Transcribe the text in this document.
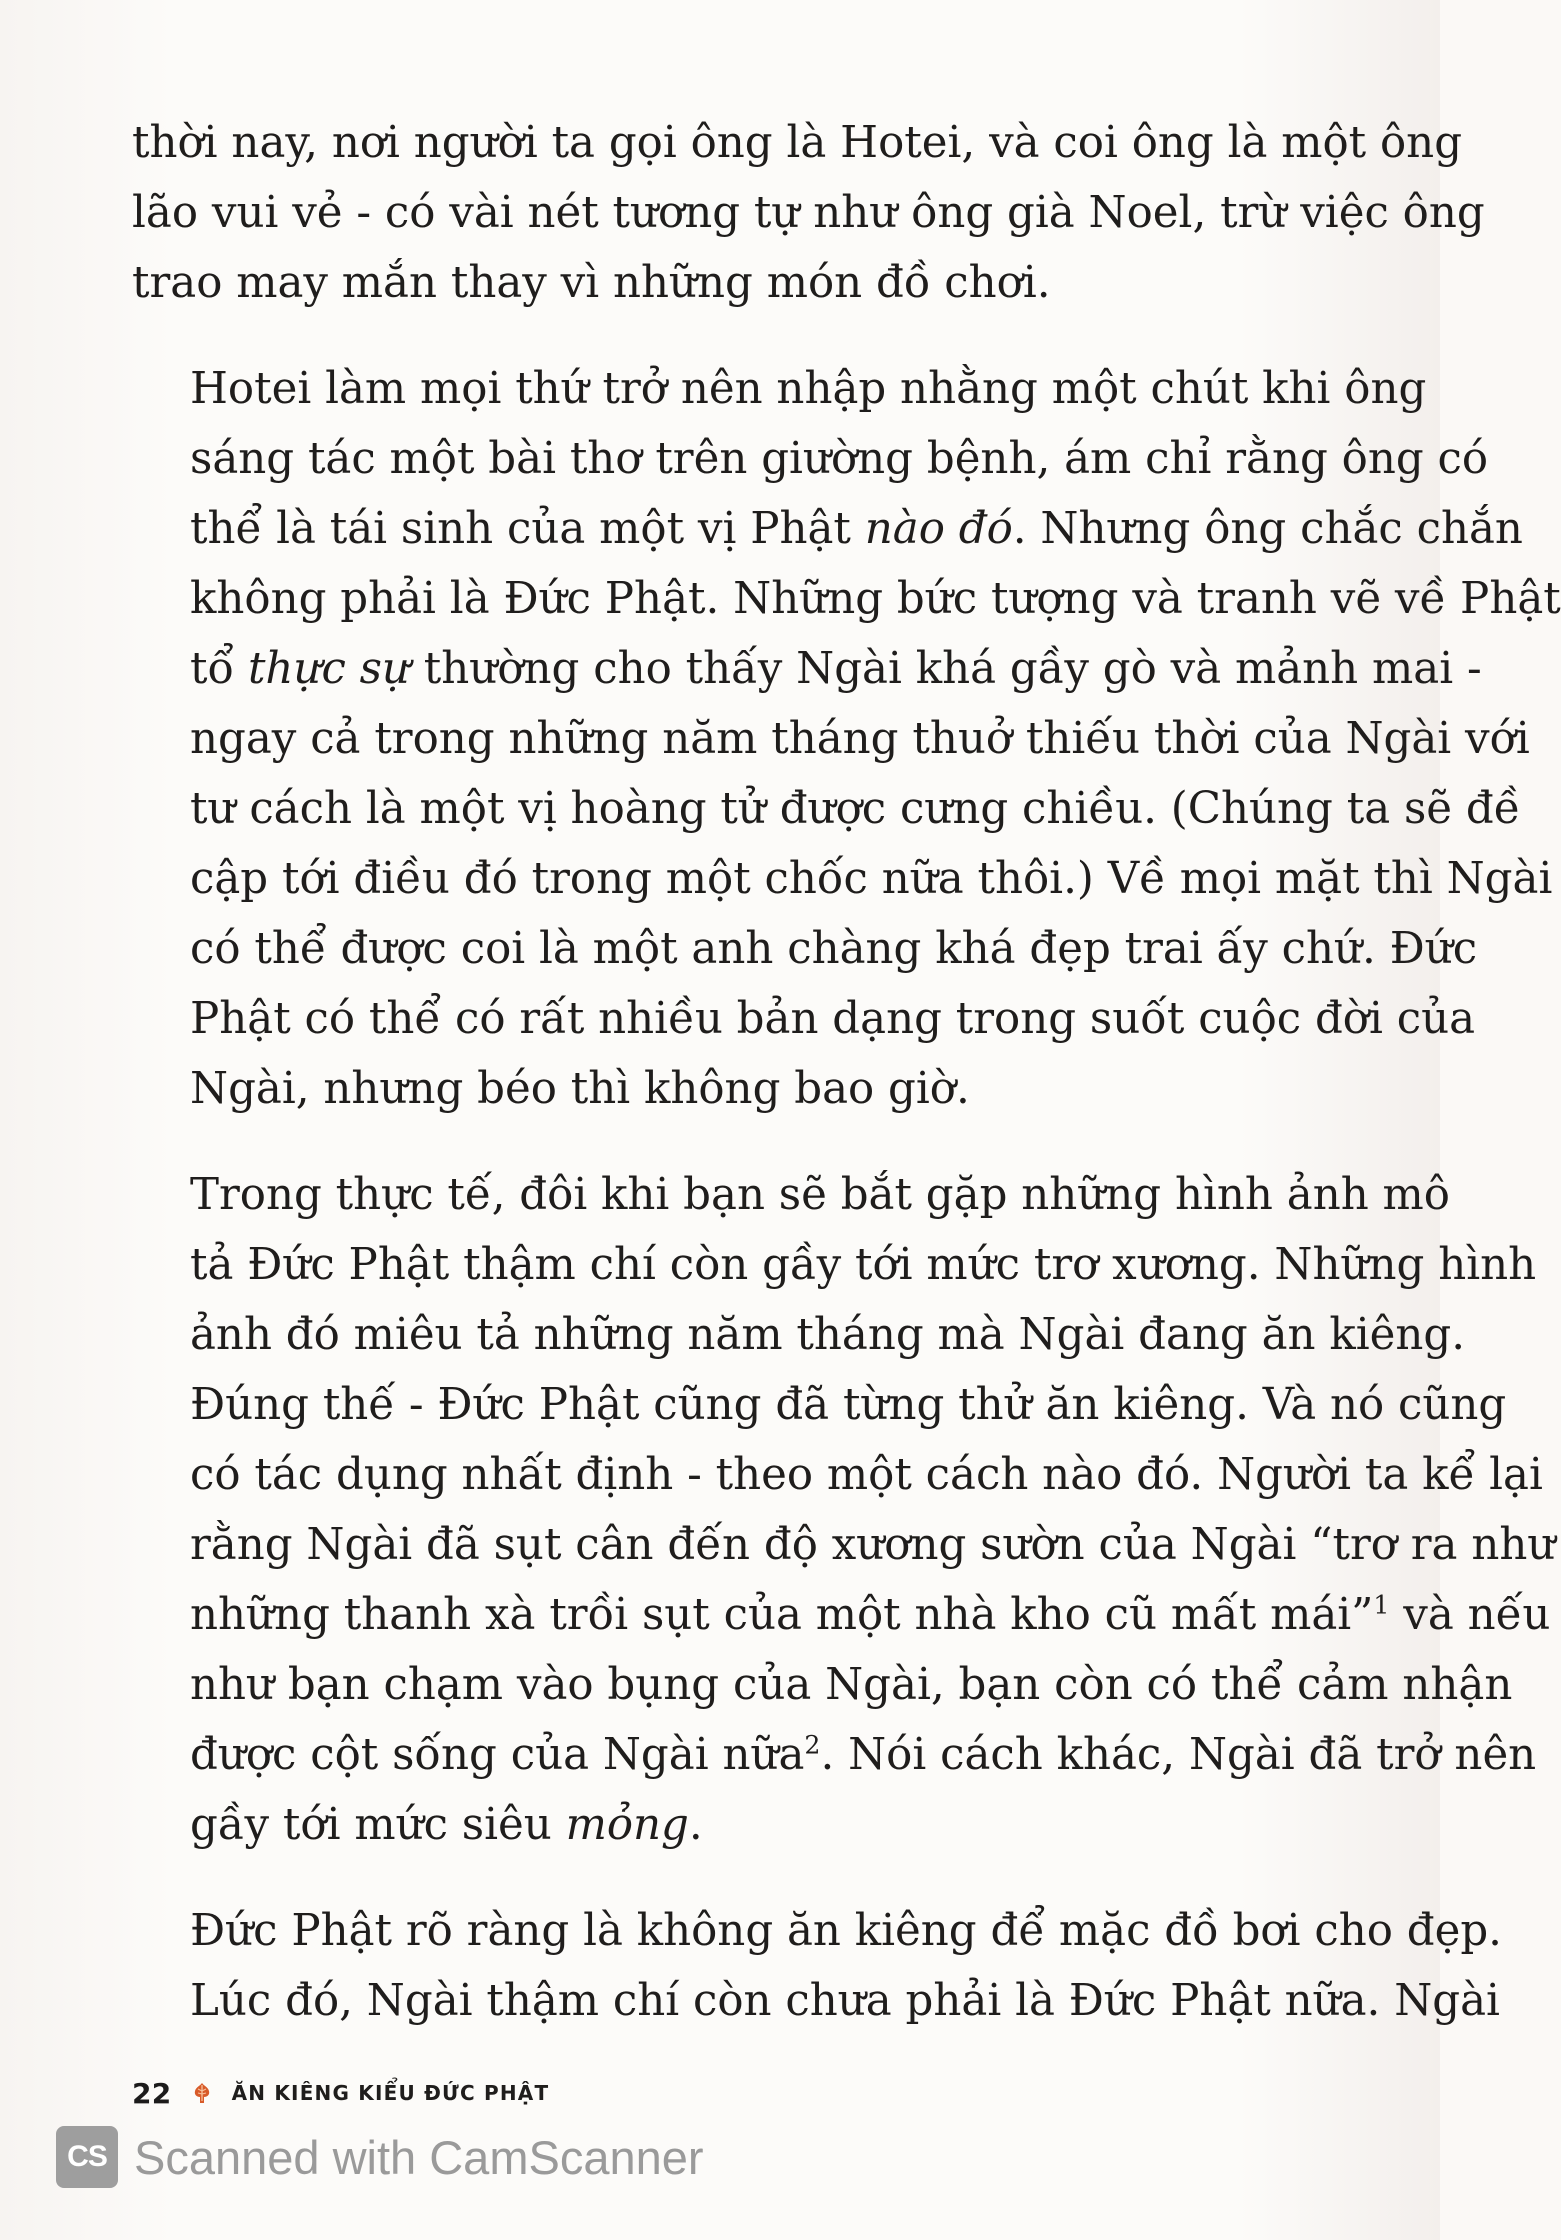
thời nay, nơi người ta gọi ông là Hotei, và coi ông là một ông
lão vui vẻ - có vài nét tương tự như ông già Noel, trừ việc ông
trao may mắn thay vì những món đồ chơi.

Hotei làm mọi thứ trở nên nhập nhằng một chút khi ông
sáng tác một bài thơ trên giường bệnh, ám chỉ rằng ông có
thể là tái sinh của một vị Phật nào đó. Nhưng ông chắc chắn
không phải là Đức Phật. Những bức tượng và tranh vẽ về Phật
tổ thực sự thường cho thấy Ngài khá gầy gò và mảnh mai -
ngay cả trong những năm tháng thuở thiếu thời của Ngài với
tư cách là một vị hoàng tử được cưng chiều. (Chúng ta sẽ đề
cập tới điều đó trong một chốc nữa thôi.) Về mọi mặt thì Ngài
có thể được coi là một anh chàng khá đẹp trai ấy chứ. Đức
Phật có thể có rất nhiều bản dạng trong suốt cuộc đời của
Ngài, nhưng béo thì không bao giờ.

Trong thực tế, đôi khi bạn sẽ bắt gặp những hình ảnh mô
tả Đức Phật thậm chí còn gầy tới mức trơ xương. Những hình
ảnh đó miêu tả những năm tháng mà Ngài đang ăn kiêng.
Đúng thế - Đức Phật cũng đã từng thử ăn kiêng. Và nó cũng
có tác dụng nhất định - theo một cách nào đó. Người ta kể lại
rằng Ngài đã sụt cân đến độ xương sườn của Ngài “trơ ra như
những thanh xà trồi sụt của một nhà kho cũ mất mái”$^1$ và nếu
như bạn chạm vào bụng của Ngài, bạn còn có thể cảm nhận
được cột sống của Ngài nữa$^2$. Nói cách khác, Ngài đã trở nên
gầy tới mức siêu mỏng.

Đức Phật rõ ràng là không ăn kiêng để mặc đồ bơi cho đẹp.
Lúc đó, Ngài thậm chí còn chưa phải là Đức Phật nữa. Ngài

22	ĂN KIÊNG KIỂU ĐỨC PHẬT
CS Scanned with CamScanner
